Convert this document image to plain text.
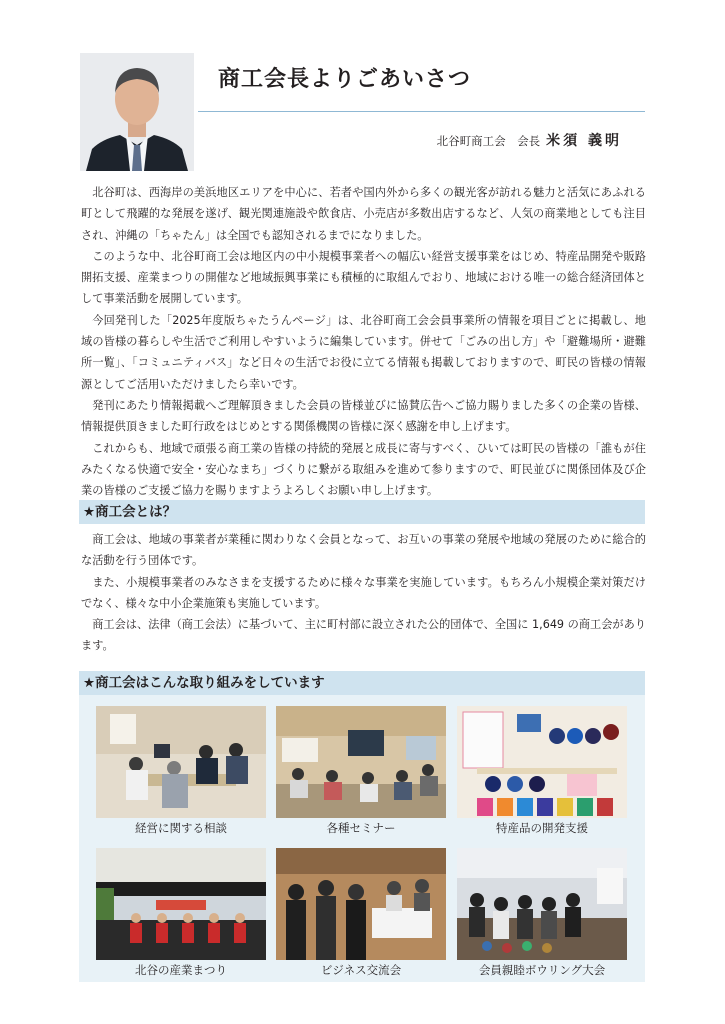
商工会長よりごあいさつ
北谷町商工会　会長 米須 義明

北谷町は、西海岸の美浜地区エリアを中心に、若者や国内外から多くの観光客が訪れる魅力と活気にあふれる町として飛躍的な発展を遂げ、観光関連施設や飲食店、小売店が多数出店するなど、人気の商業地としても注目され、沖縄の「ちゃたん」は全国でも認知されるまでになりました。

このような中、北谷町商工会は地区内の中小規模事業者への幅広い経営支援事業をはじめ、特産品開発や販路開拓支援、産業まつりの開催など地域振興事業にも積極的に取組んでおり、地域における唯一の総合経済団体として事業活動を展開しています。

今回発刊した「2025年度版ちゃたうんページ」は、北谷町商工会会員事業所の情報を項目ごとに掲載し、地域の皆様の暮らしや生活でご利用しやすいように編集しています。併せて「ごみの出し方」や「避難場所・避難所一覧」、「コミュニティバス」など日々の生活でお役に立てる情報も掲載しておりますので、町民の皆様の情報源としてご活用いただけましたら幸いです。

発刊にあたり情報掲載へご理解頂きました会員の皆様並びに協賛広告へご協力賜りました多くの企業の皆様、情報提供頂きました町行政をはじめとする関係機関の皆様に深く感謝を申し上げます。

これからも、地域で頑張る商工業の皆様の持続的発展と成長に寄与すべく、ひいては町民の皆様の「誰もが住みたくなる快適で安全・安心なまち」づくりに繋がる取組みを進めて参りますので、町民並びに関係団体及び企業の皆様のご支援ご協力を賜りますようよろしくお願い申し上げます。

★商工会とは？

商工会は、地域の事業者が業種に関わりなく会員となって、お互いの事業の発展や地域の発展のために総合的な活動を行う団体です。

また、小規模事業者のみなさまを支援するために様々な事業を実施しています。もちろん小規模企業対策だけでなく、様々な中小企業施策も実施しています。

商工会は、法律（商工会法）に基づいて、主に町村部に設立された公的団体で、全国に 1,649 の商工会があります。

★商工会はこんな取り組みをしています
経営に関する相談	各種セミナー	特産品の開発支援
北谷の産業まつり	ビジネス交流会	会員親睦ボウリング大会
